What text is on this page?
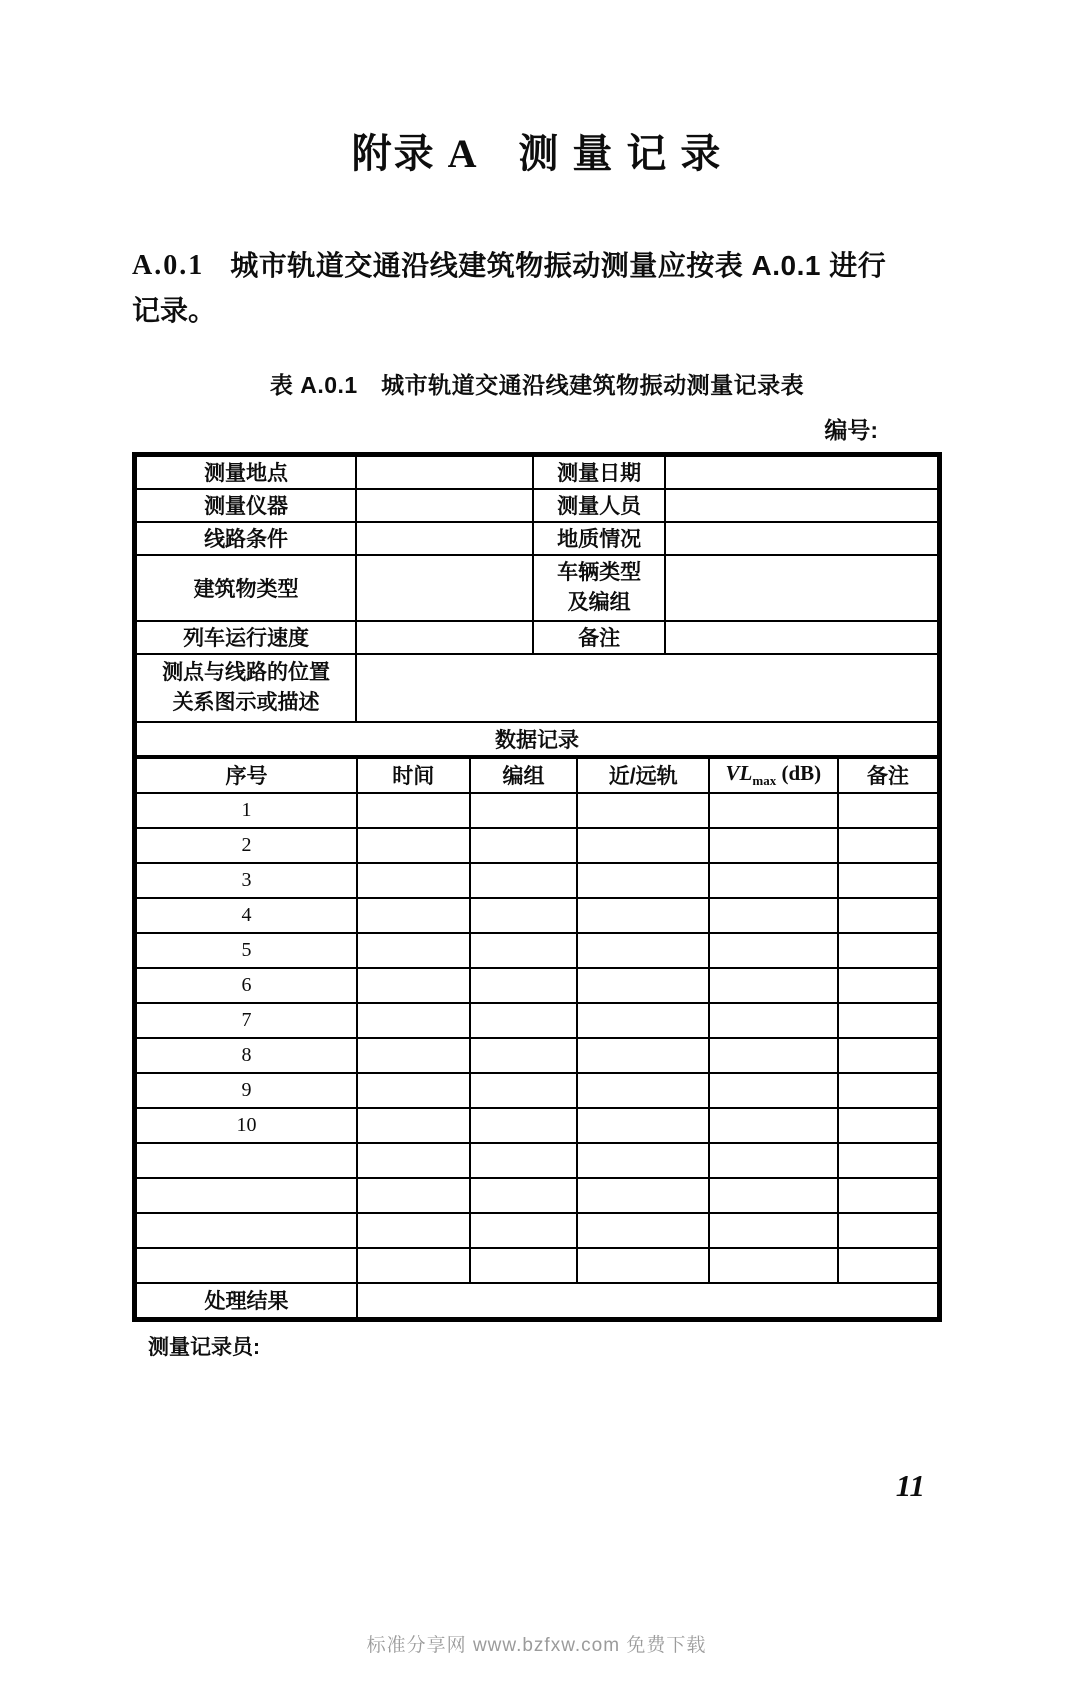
附录 A　测 量 记 录
A.0.1 城市轨道交通沿线建筑物振动测量应按表 A.0.1 进行
记录。
表 A.0.1　城市轨道交通沿线建筑物振动测量记录表
编号:
测量地点		测量日期	
测量仪器		测量人员	
线路条件		地质情况	
建筑物类型		车辆类型
及编组	

列车运行速度		备注	

测点与线路的位置
关系图示或描述			

数据记录			
序号	时间	编组	近/远轨	$VL_{max}$ (dB)	备注
1					
2					
3					
4					
5					
6					
7					
8					
9					
10					

处理结果					
测量记录员:
11
标准分享网 www.bzfxw.com 免费下载
